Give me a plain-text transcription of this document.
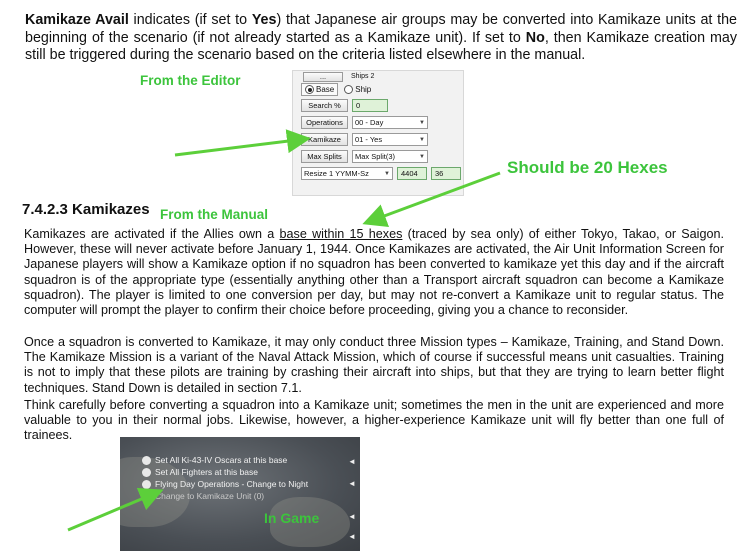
Kamikaze Avail indicates (if set to Yes) that Japanese air groups may be converted into Kamikaze units at the beginning of the scenario (if not already started as a Kamikaze unit). If set to No, then Kamikaze creation may still be triggered during the scenario based on the criteria listed elsewhere in the manual.

From the Editor
Should be 20 Hexes
...	Ships 2
Base	Ship
Search %	0
Operations	00 - Day	▼
Kamikaze	01 - Yes	▼
Max Splits	Max Split(3)	▼
Resize 1 YYMM-Sz	▼	4404	36
7.4.2.3 Kamikazes From the Manual

Kamikazes are activated if the Allies own a base within 15 hexes (traced by sea only) of either Tokyo, Takao, or Saigon. However, these will never activate before January 1, 1944. Once Kamikazes are activated, the Air Unit Information Screen for Japanese players will show a Kamikaze option if no squadron has been converted to kamikaze yet this day and if the aircraft squadron is of the appropriate type (essentially anything other than a Transport aircraft squadron can become a Kamikaze squadron). The player is limited to one conversion per day, but may not re-convert a Kamikaze unit to regular status. The computer will prompt the player to confirm their choice before proceeding, giving you a chance to reconsider.

Once a squadron is converted to Kamikaze, it may only conduct three Mission types – Kamikaze, Training, and Stand Down. The Kamikaze Mission is a variant of the Naval Attack Mission, which of course if successful means unit casualties. Training is not to imply that these pilots are training by crashing their aircraft into ships, but that they are trying to learn better flight techniques. Stand Down is detailed in section 7.1.

Think carefully before converting a squadron into a Kamikaze unit; sometimes the men in the unit are experienced and more valuable to you in their normal jobs. Likewise, however, a higher-experience Kamikaze unit will fly better than one full of trainees.

Set All Ki-43-IV Oscars at this base
Set All Fighters at this base
Flying Day Operations - Change to Night
Change to Kamikaze Unit (0)
◄
◄
◄
◄
In Game
